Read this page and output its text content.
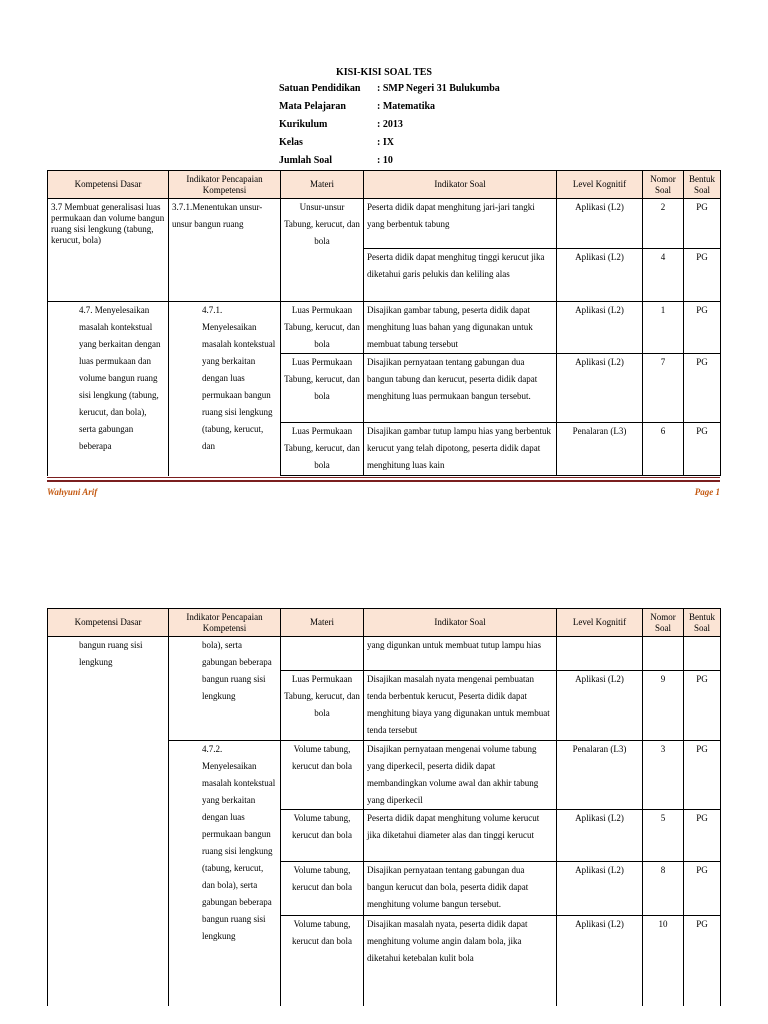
KISI-KISI SOAL TES
Satuan Pendidikan	: SMP Negeri 31 Bulukumba
Mata Pelajaran	: Matematika
Kurikulum	: 2013
Kelas	: IX
Jumlah Soal	: 10
Kompetensi Dasar	Indikator Pencapaian Kompetensi	Materi	Indikator Soal	Level Kognitif	Nomor Soal	Bentuk Soal
3.7 Membuat generalisasi luas permukaan dan volume bangun ruang sisi lengkung (tabung, kerucut, bola)	3.7.1.Menentukan unsur-unsur bangun ruang	Unsur-unsur Tabung, kerucut, dan bola	Peserta didik dapat menghitung jari-jari tangki yang berbentuk tabung	Aplikasi (L2)	2	PG
			Peserta didik dapat menghitug tinggi kerucut jika diketahui garis pelukis dan keliling alas	Aplikasi (L2)	4	PG
4.7. Menyelesaikan masalah kontekstual yang berkaitan dengan luas permukaan dan volume bangun ruang sisi lengkung (tabung, kerucut, dan bola), serta gabungan beberapa	4.7.1. Menyelesaikan masalah kontekstual yang berkaitan dengan luas permukaan bangun ruang sisi lengkung (tabung, kerucut, dan	Luas Permukaan Tabung, kerucut, dan bola	Disajikan gambar tabung, peserta didik dapat menghitung luas bahan yang digunakan untuk membuat tabung tersebut	Aplikasi (L2)	1	PG
		Luas Permukaan Tabung, kerucut, dan bola	Disajikan pernyataan tentang gabungan dua bangun tabung dan kerucut, peserta didik dapat menghitung luas permukaan bangun tersebut.	Aplikasi (L2)	7	PG
		Luas Permukaan Tabung, kerucut, dan bola	Disajikan gambar tutup lampu hias yang berbentuk kerucut yang telah dipotong, peserta didik dapat menghitung luas kain	Penalaran (L3)	6	PG
Wahyuni Arif	Page 1
Kompetensi Dasar	Indikator Pencapaian Kompetensi	Materi	Indikator Soal	Level Kognitif	Nomor Soal	Bentuk Soal
bangun ruang sisi lengkung	bola), serta gabungan beberapa bangun ruang sisi lengkung		yang digunkan untuk membuat tutup lampu hias			
		Luas Permukaan Tabung, kerucut, dan bola	Disajikan masalah nyata mengenai pembuatan tenda berbentuk kerucut, Peserta didik dapat menghitung biaya yang digunakan untuk membuat tenda tersebut	Aplikasi (L2)	9	PG
	4.7.2. Menyelesaikan masalah kontekstual yang berkaitan dengan luas permukaan bangun ruang sisi lengkung (tabung, kerucut, dan bola), serta gabungan beberapa bangun ruang sisi lengkung	Volume tabung, kerucut dan bola	Disajikan pernyataan mengenai volume tabung yang diperkecil, peserta didik dapat membandingkan volume awal dan akhir tabung yang diperkecil	Penalaran (L3)	3	PG
		Volume tabung, kerucut dan bola	Peserta didik dapat menghitung volume kerucut jika diketahui diameter alas dan tinggi kerucut	Aplikasi (L2)	5	PG
		Volume tabung, kerucut dan bola	Disajikan pernyataan tentang gabungan dua bangun kerucut dan bola, peserta didik dapat menghitung volume bangun tersebut.	Aplikasi (L2)	8	PG
		Volume tabung, kerucut dan bola	Disajikan masalah nyata, peserta didik dapat menghitung volume angin dalam bola, jika diketahui ketebalan kulit bola	Aplikasi (L2)	10	PG
